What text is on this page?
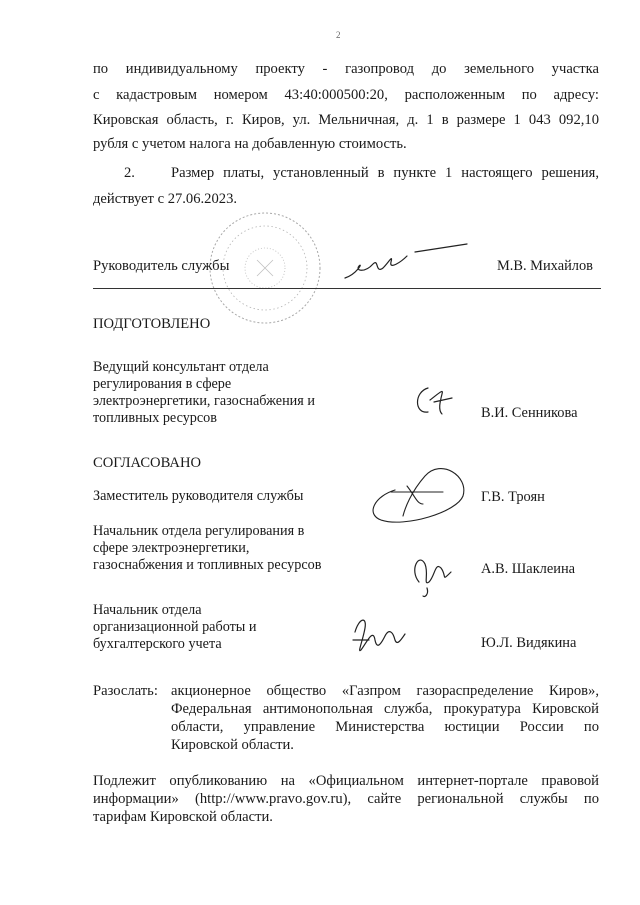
2
по индивидуальному проекту - газопровод до земельного участка
с кадастровым номером 43:40:000500:20, расположенным по адресу:
Кировская область, г. Киров, ул. Мельничная, д. 1 в размере 1 043 092,10
рубля с учетом налога на добавленную стоимость.
2. Размер платы, установленный в пункте 1 настоящего решения,
действует с 27.06.2023.
Руководитель службы	М.В. Михайлов
ПОДГОТОВЛЕНО
Ведущий консультант отдела
регулирования в сфере
электроэнергетики, газоснабжения и
топливных ресурсов	В.И. Сенникова
СОГЛАСОВАНО
Заместитель руководителя службы	Г.В. Троян
Начальник отдела регулирования в
сфере электроэнергетики,
газоснабжения и топливных ресурсов	А.В. Шаклеина
Начальник отдела
организационной работы и
бухгалтерского учета	Ю.Л. Видякина
Разослать: акционерное общество «Газпром газораспределение Киров»,
Федеральная антимонопольная служба, прокуратура Кировской
области, управление Министерства юстиции России по
Кировской области.
Подлежит опубликованию на «Официальном интернет-портале правовой
информации» (http://www.pravo.gov.ru), сайте региональной службы по
тарифам Кировской области.
